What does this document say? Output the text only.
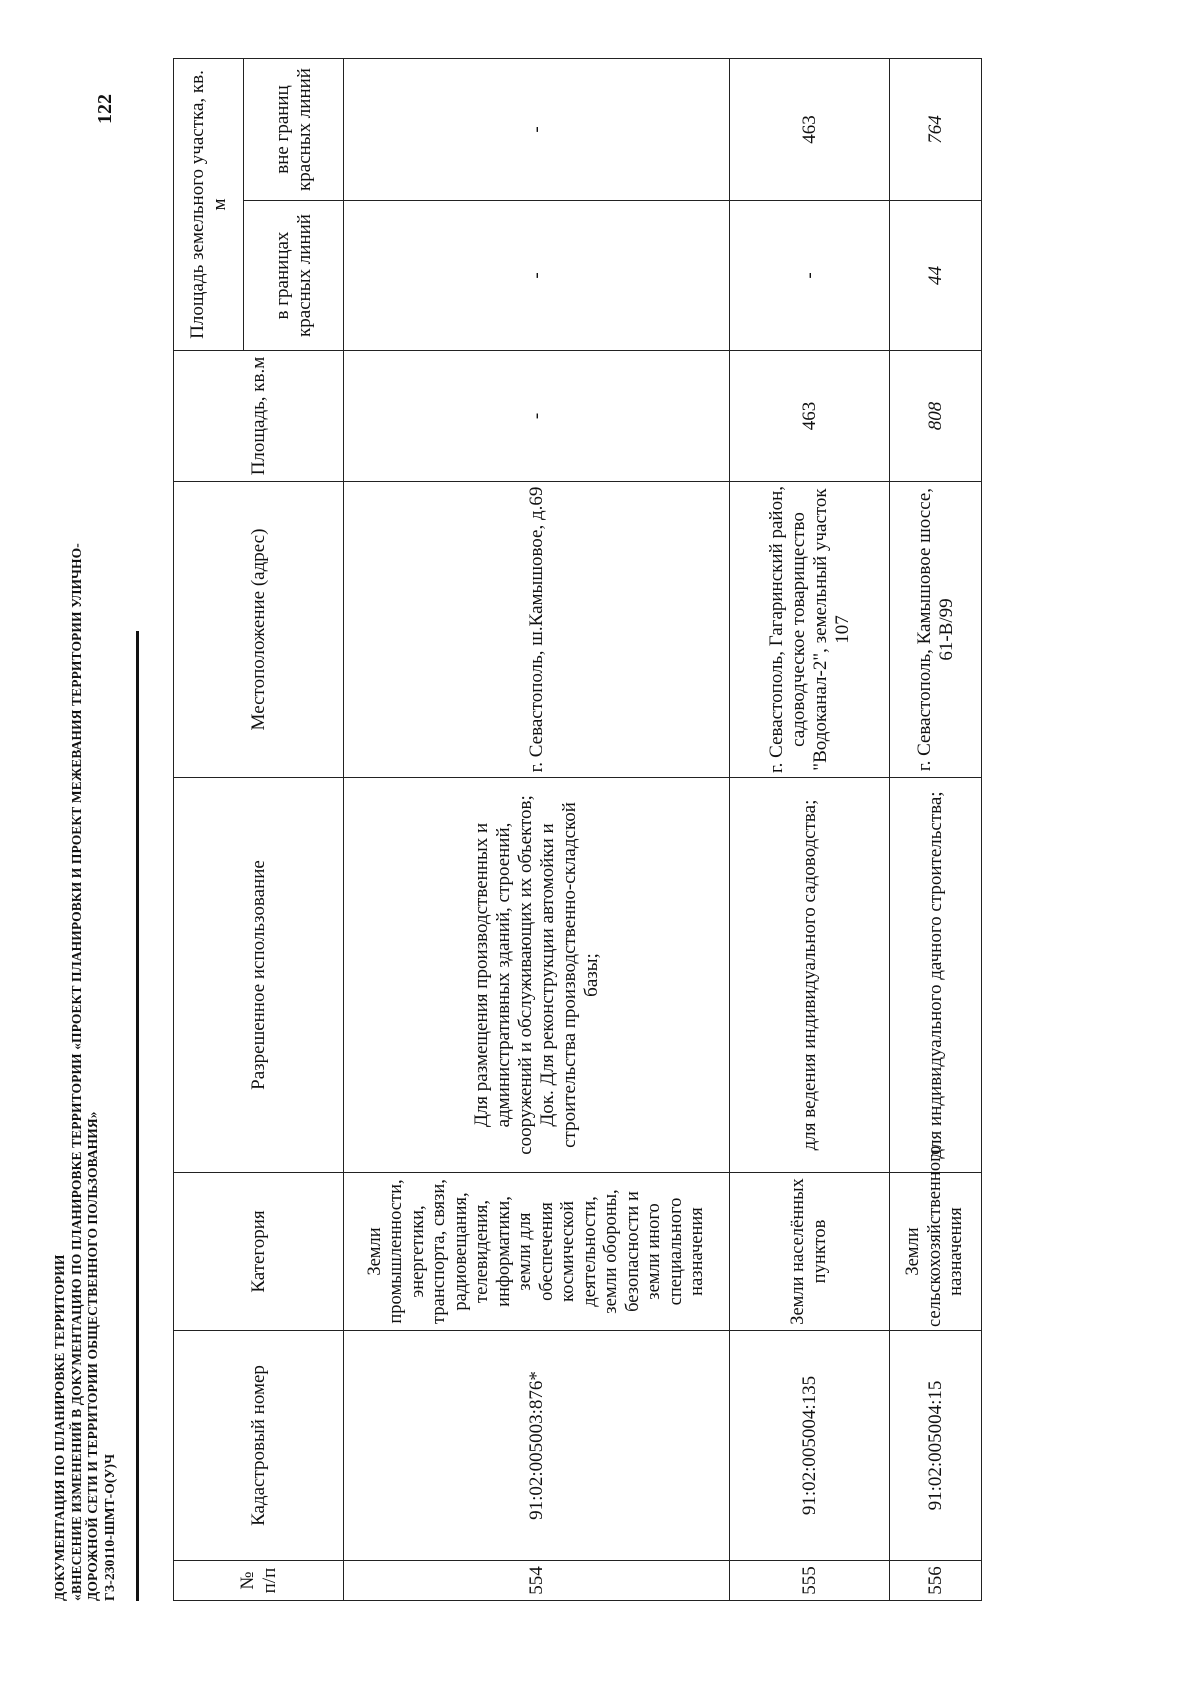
ДОКУМЕНТАЦИЯ ПО ПЛАНИРОВКЕ ТЕРРИТОРИИ «ВНЕСЕНИЕ ИЗМЕНЕНИЙ В ДОКУМЕНТАЦИЮ ПО ПЛАНИРОВКЕ ТЕРРИТОРИИ «ПРОЕКТ ПЛАНИРОВКИ И ПРОЕКТ МЕЖЕВАНИЯ ТЕРРИТОРИИ УЛИЧНО- ДОРОЖНОЙ СЕТИ И ТЕРРИТОРИИ ОБЩЕСТВЕННОГО ПОЛЬЗОВАНИЯ» ГЗ-230110-ШМТ-О(У)Ч
122
№ п/п	Кадастровый номер	Категория	Разрешенное использование	Местоположение (адрес)	Площадь, кв.м	Площадь земельного участка, кв. м	
						в границах красных линий	вне границ красных линий
554	91:02:005003:876*	Земли промышленности, энергетики, транспорта, связи, радиовещания, телевидения, информатики, земли для обеспечения космической деятельности, земли обороны, безопасности и земли иного специального назначения	Для размещения производственных и административных зданий, строений, сооружений и обслуживающих их объектов; Док. Для реконструкции автомойки и строительства производственно-складской базы;	г. Севастополь, ш.Камышовое, д.69	-	-	-
555	91:02:005004:135	Земли населённых пунктов	для ведения индивидуального садоводства;	г. Севастополь, Гагаринский район, садоводческое товарищество "Водоканал-2", земельный участок 107	463	-	463
556	91:02:005004:15	Земли сельскохозяйственного назначения	для индивидуального дачного строительства;	г. Севастополь, Камышовое шоссе, 61-В/99	808	44	764
